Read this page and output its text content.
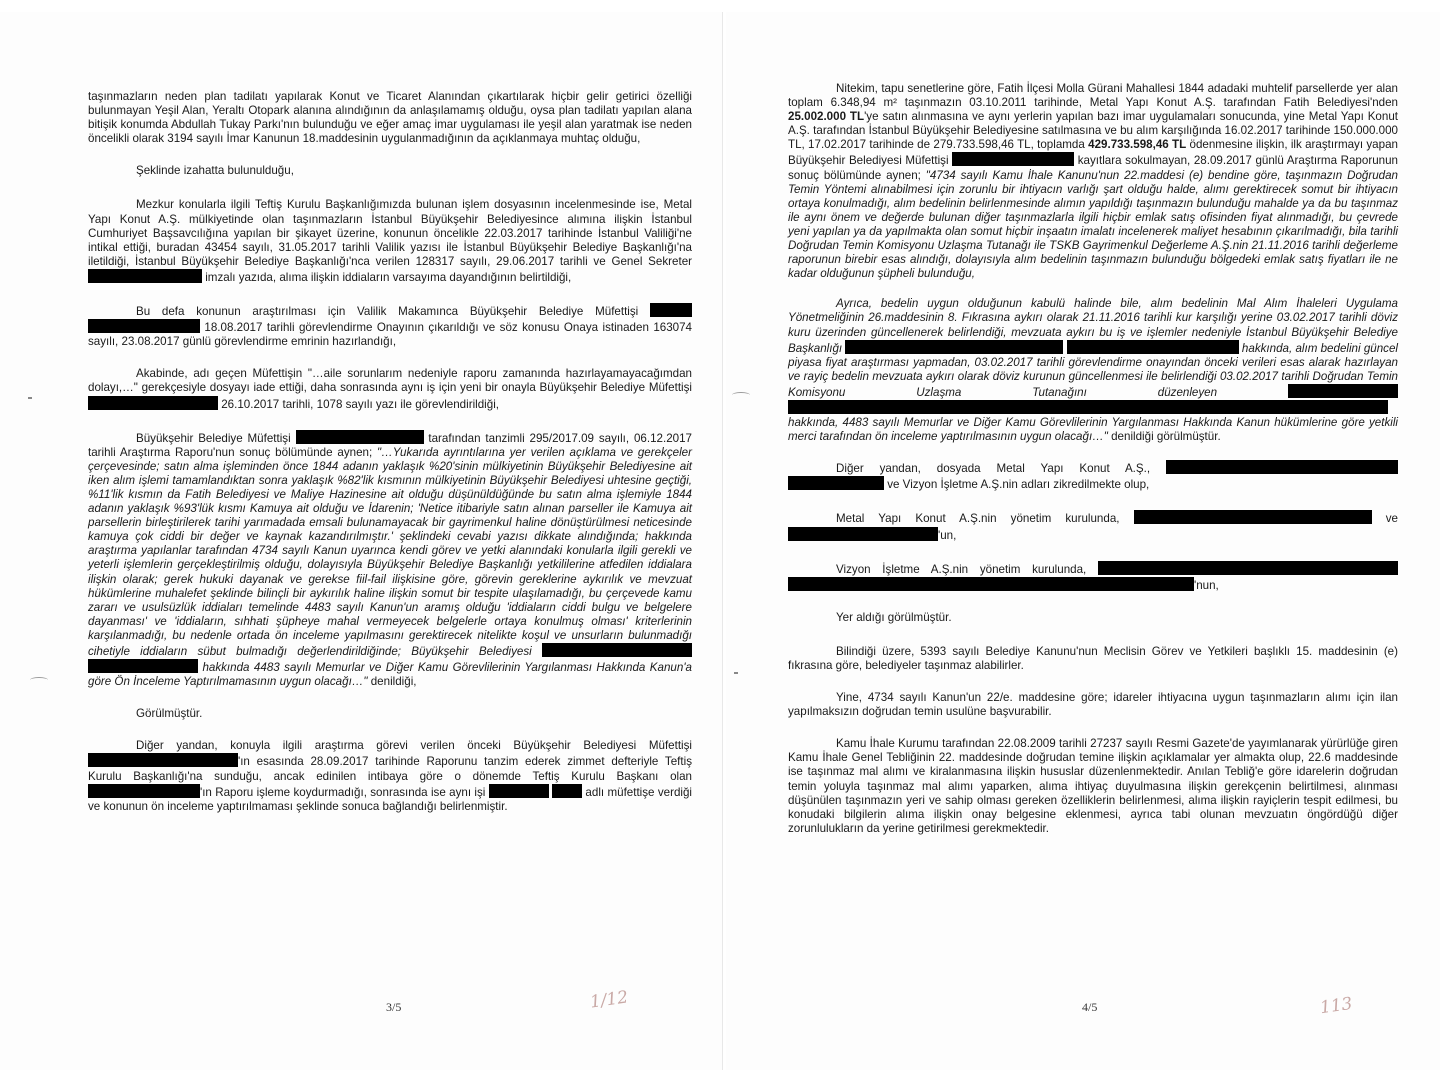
taşınmazların neden plan tadilatı yapılarak Konut ve Ticaret Alanından çıkartılarak hiçbir gelir getirici özelliği bulunmayan Yeşil Alan, Yeraltı Otopark alanına alındığının da anlaşılamamış olduğu, oysa plan tadilatı yapılan alana bitişik konumda Abdullah Tukay Parkı'nın bulunduğu ve eğer amaç imar uygulaması ile yeşil alan yaratmak ise neden öncelikli olarak 3194 sayılı İmar Kanunun 18.maddesinin uygulanmadığının da açıklanmaya muhtaç olduğu,

Şeklinde izahatta bulunulduğu,

Mezkur konularla ilgili Teftiş Kurulu Başkanlığımızda bulunan işlem dosyasının incelenmesinde ise, Metal Yapı Konut A.Ş. mülkiyetinde olan taşınmazların İstanbul Büyükşehir Belediyesince alımına ilişkin İstanbul Cumhuriyet Başsavcılığına yapılan bir şikayet üzerine, konunun öncelikle 22.03.2017 tarihinde İstanbul Valiliği'ne intikal ettiği, buradan 43454 sayılı, 31.05.2017 tarihli Valilik yazısı ile İstanbul Büyükşehir Belediye Başkanlığı'na iletildiği, İstanbul Büyükşehir Belediye Başkanlığı'nca verilen 128317 sayılı, 29.06.2017 tarihli ve Genel Sekreter  imzalı yazıda, alıma ilişkin iddiaların varsayıma dayandığının belirtildiği,

Bu defa konunun araştırılması için Valilik Makamınca Büyükşehir Belediye Müfettişi   18.08.2017 tarihli görevlendirme Onayının çıkarıldığı ve söz konusu Onaya istinaden 163074 sayılı, 23.08.2017 günlü görevlendirme emrinin hazırlandığı,

Akabinde, adı geçen Müfettişin "…aile sorunlarım nedeniyle raporu zamanında hazırlayamayacağımdan dolayı,…" gerekçesiyle dosyayı iade ettiği, daha sonrasında aynı iş için yeni bir onayla Büyükşehir Belediye Müfettişi  26.10.2017 tarihli, 1078 sayılı yazı ile görevlendirildiği,

Büyükşehir Belediye Müfettişi	tarafından tanzimli 295/2017.09 sayılı, 06.12.2017 tarihli Araştırma Raporu'nun sonuç bölümünde aynen; "…Yukarıda ayrıntılarına yer verilen açıklama ve gerekçeler çerçevesinde; satın alma işleminden önce 1844 adanın yaklaşık %20'sinin mülkiyetinin Büyükşehir Belediyesine ait iken alım işlemi tamamlandıktan sonra yaklaşık %82'lik kısmının mülkiyetinin Büyükşehir Belediyesi uhtesine geçtiği, %11'lik kısmın da Fatih Belediyesi ve Maliye Hazinesine ait olduğu düşünüldüğünde bu satın alma işlemiyle 1844 adanın yaklaşık %93'lük kısmı Kamuya ait olduğu ve İdarenin; 'Netice itibariyle satın alınan parseller ile Kamuya ait parsellerin birleştirilerek tarihi yarımadada emsali bulunamayacak bir gayrimenkul haline dönüştürülmesi neticesinde kamuya çok ciddi bir değer ve kaynak kazandırılmıştır.' şeklindeki cevabi yazısı dikkate alındığında; hakkında araştırma yapılanlar tarafından 4734 sayılı Kanun uyarınca kendi görev ve yetki alanındaki konularla ilgili gerekli ve yeterli işlemlerin gerçekleştirilmiş olduğu, dolayısıyla Büyükşehir Belediye Başkanlığı yetkililerine atfedilen iddialara ilişkin olarak; gerek hukuki dayanak ve gerekse fiil-fail ilişkisine göre, görevin gereklerine aykırılık ve mevzuat hükümlerine muhalefet şeklinde bilinçli bir aykırılık haline ilişkin somut bir tespite ulaşılamadığı, bu çerçevede kamu zararı ve usulsüzlük iddiaları temelinde 4483 sayılı Kanun'un aramış olduğu 'iddiaların ciddi bulgu ve belgelere dayanması' ve 'iddiaların, sıhhati şüpheye mahal vermeyecek belgelerle ortaya konulmuş olması' kriterlerinin karşılanmadığı, bu nedenle ortada ön inceleme yapılmasını gerektirecek nitelikte koşul ve unsurların bulunmadığı cihetiyle iddiaların sübut bulmadığı değerlendirildiğinde; Büyükşehir Belediyesi   hakkında 4483 sayılı Memurlar ve Diğer Kamu Görevlilerinin Yargılanması Hakkında Kanun'a göre Ön İnceleme Yaptırılmamasının uygun olacağı…" denildiği,

Görülmüştür.

Diğer yandan, konuyla ilgili araştırma görevi verilen önceki Büyükşehir Belediyesi Müfettişi 'ın esasında 28.09.2017 tarihinde Raporunu tanzim ederek zimmet defteriyle Teftiş Kurulu Başkanlığı'na sunduğu, ancak edinilen intibaya göre o dönemde Teftiş Kurulu Başkanı olan 'ın Raporu işleme koydurmadığı, sonrasında ise aynı işi	adlı müfettişe verdiği ve konunun ön inceleme yaptırılmaması şeklinde sonuca bağlandığı belirlenmiştir.

3/5	1/12

Nitekim, tapu senetlerine göre, Fatih İlçesi Molla Gürani Mahallesi 1844 adadaki muhtelif parsellerde yer alan toplam 6.348,94 m² taşınmazın 03.10.2011 tarihinde, Metal Yapı Konut A.Ş. tarafından Fatih Belediyesi'nden 25.002.000 TL'ye satın alınmasına ve aynı yerlerin yapılan bazı imar uygulamaları sonucunda, yine Metal Yapı Konut A.Ş. tarafından İstanbul Büyükşehir Belediyesine satılmasına ve bu alım karşılığında 16.02.2017 tarihinde 150.000.000 TL, 17.02.2017 tarihinde de 279.733.598,46 TL, toplamda 429.733.598,46 TL ödenmesine ilişkin, ilk araştırmayı yapan Büyükşehir Belediyesi Müfettişi	kayıtlara sokulmayan, 28.09.2017 günlü Araştırma Raporunun sonuç bölümünde aynen; "4734 sayılı Kamu İhale Kanunu'nun 22.maddesi (e) bendine göre, taşınmazın Doğrudan Temin Yöntemi alınabilmesi için zorunlu bir ihtiyacın varlığı şart olduğu halde, alımı gerektirecek somut bir ihtiyacın ortaya konulmadığı, alım bedelinin belirlenmesinde alımın yapıldığı taşınmazın bulunduğu mahalde ya da bu taşınmaz ile aynı önem ve değerde bulunan diğer taşınmazlarla ilgili hiçbir emlak satış ofisinden fiyat alınmadığı, bu çevrede yeni yapılan ya da yapılmakta olan somut hiçbir inşaatın imalatı incelenerek maliyet hesabının çıkarılmadığı, bila tarihli Doğrudan Temin Komisyonu Uzlaşma Tutanağı ile TSKB Gayrimenkul Değerleme A.Ş.nin 21.11.2016 tarihli değerleme raporunun birebir esas alındığı, dolayısıyla alım bedelinin taşınmazın bulunduğu bölgedeki emlak satış fiyatları ile ne kadar olduğunun şüpheli bulunduğu,

Ayrıca, bedelin uygun olduğunun kabulü halinde bile, alım bedelinin Mal Alım İhaleleri Uygulama Yönetmeliğinin 26.maddesinin 8. Fıkrasına aykırı olarak 21.11.2016 tarihli kur karşılığı yerine 03.02.2017 tarihli döviz kuru üzerinden güncellenerek belirlendiği, mevzuata aykırı bu iş ve işlemler nedeniyle İstanbul Büyükşehir Belediye Başkanlığı	hakkında, alım bedelini güncel piyasa fiyat araştırması yapmadan, 03.02.2017 tarihli görevlendirme onayından önceki verileri esas alarak hazırlayan ve rayiç bedelin mevzuata aykırı olarak döviz kurunun güncellenmesi ile belirlendiği 03.02.2017 tarihli Doğrudan Temin Komisyonu Uzlaşma Tutanağını düzenleyen   hakkında, 4483 sayılı Memurlar ve Diğer Kamu Görevlilerinin Yargılanması Hakkında Kanun hükümlerine göre yetkili merci tarafından ön inceleme yaptırılmasının uygun olacağı…" denildiği görülmüştür.

Diğer yandan, dosyada Metal Yapı Konut A.Ş.,   ve Vizyon İşletme A.Ş.nin adları zikredilmekte olup,

Metal Yapı Konut A.Ş.nin yönetim kurulunda,	ve 'un,

Vizyon İşletme A.Ş.nin yönetim kurulunda,  'nun,

Yer aldığı görülmüştür.

Bilindiği üzere, 5393 sayılı Belediye Kanunu'nun Meclisin Görev ve Yetkileri başlıklı 15. maddesinin (e) fıkrasına göre, belediyeler taşınmaz alabilirler.

Yine, 4734 sayılı Kanun'un 22/e. maddesine göre; idareler ihtiyacına uygun taşınmazların alımı için ilan yapılmaksızın doğrudan temin usulüne başvurabilir.

Kamu İhale Kurumu tarafından 22.08.2009 tarihli 27237 sayılı Resmi Gazete'de yayımlanarak yürürlüğe giren Kamu İhale Genel Tebliğinin 22. maddesinde doğrudan temine ilişkin açıklamalar yer almakta olup, 22.6 maddesinde ise taşınmaz mal alımı ve kiralanmasına ilişkin hususlar düzenlenmektedir. Anılan Tebliğ'e göre idarelerin doğrudan temin yoluyla taşınmaz mal alımı yaparken, alıma ihtiyaç duyulmasına ilişkin gerekçenin belirtilmesi, alınması düşünülen taşınmazın yeri ve sahip olması gereken özelliklerin belirlenmesi, alıma ilişkin rayiçlerin tespit edilmesi, bu konudaki bilgilerin alıma ilişkin onay belgesine eklenmesi, ayrıca tabi olunan mevzuatın öngördüğü diğer zorunlulukların da yerine getirilmesi gerekmektedir.

4/5	113
